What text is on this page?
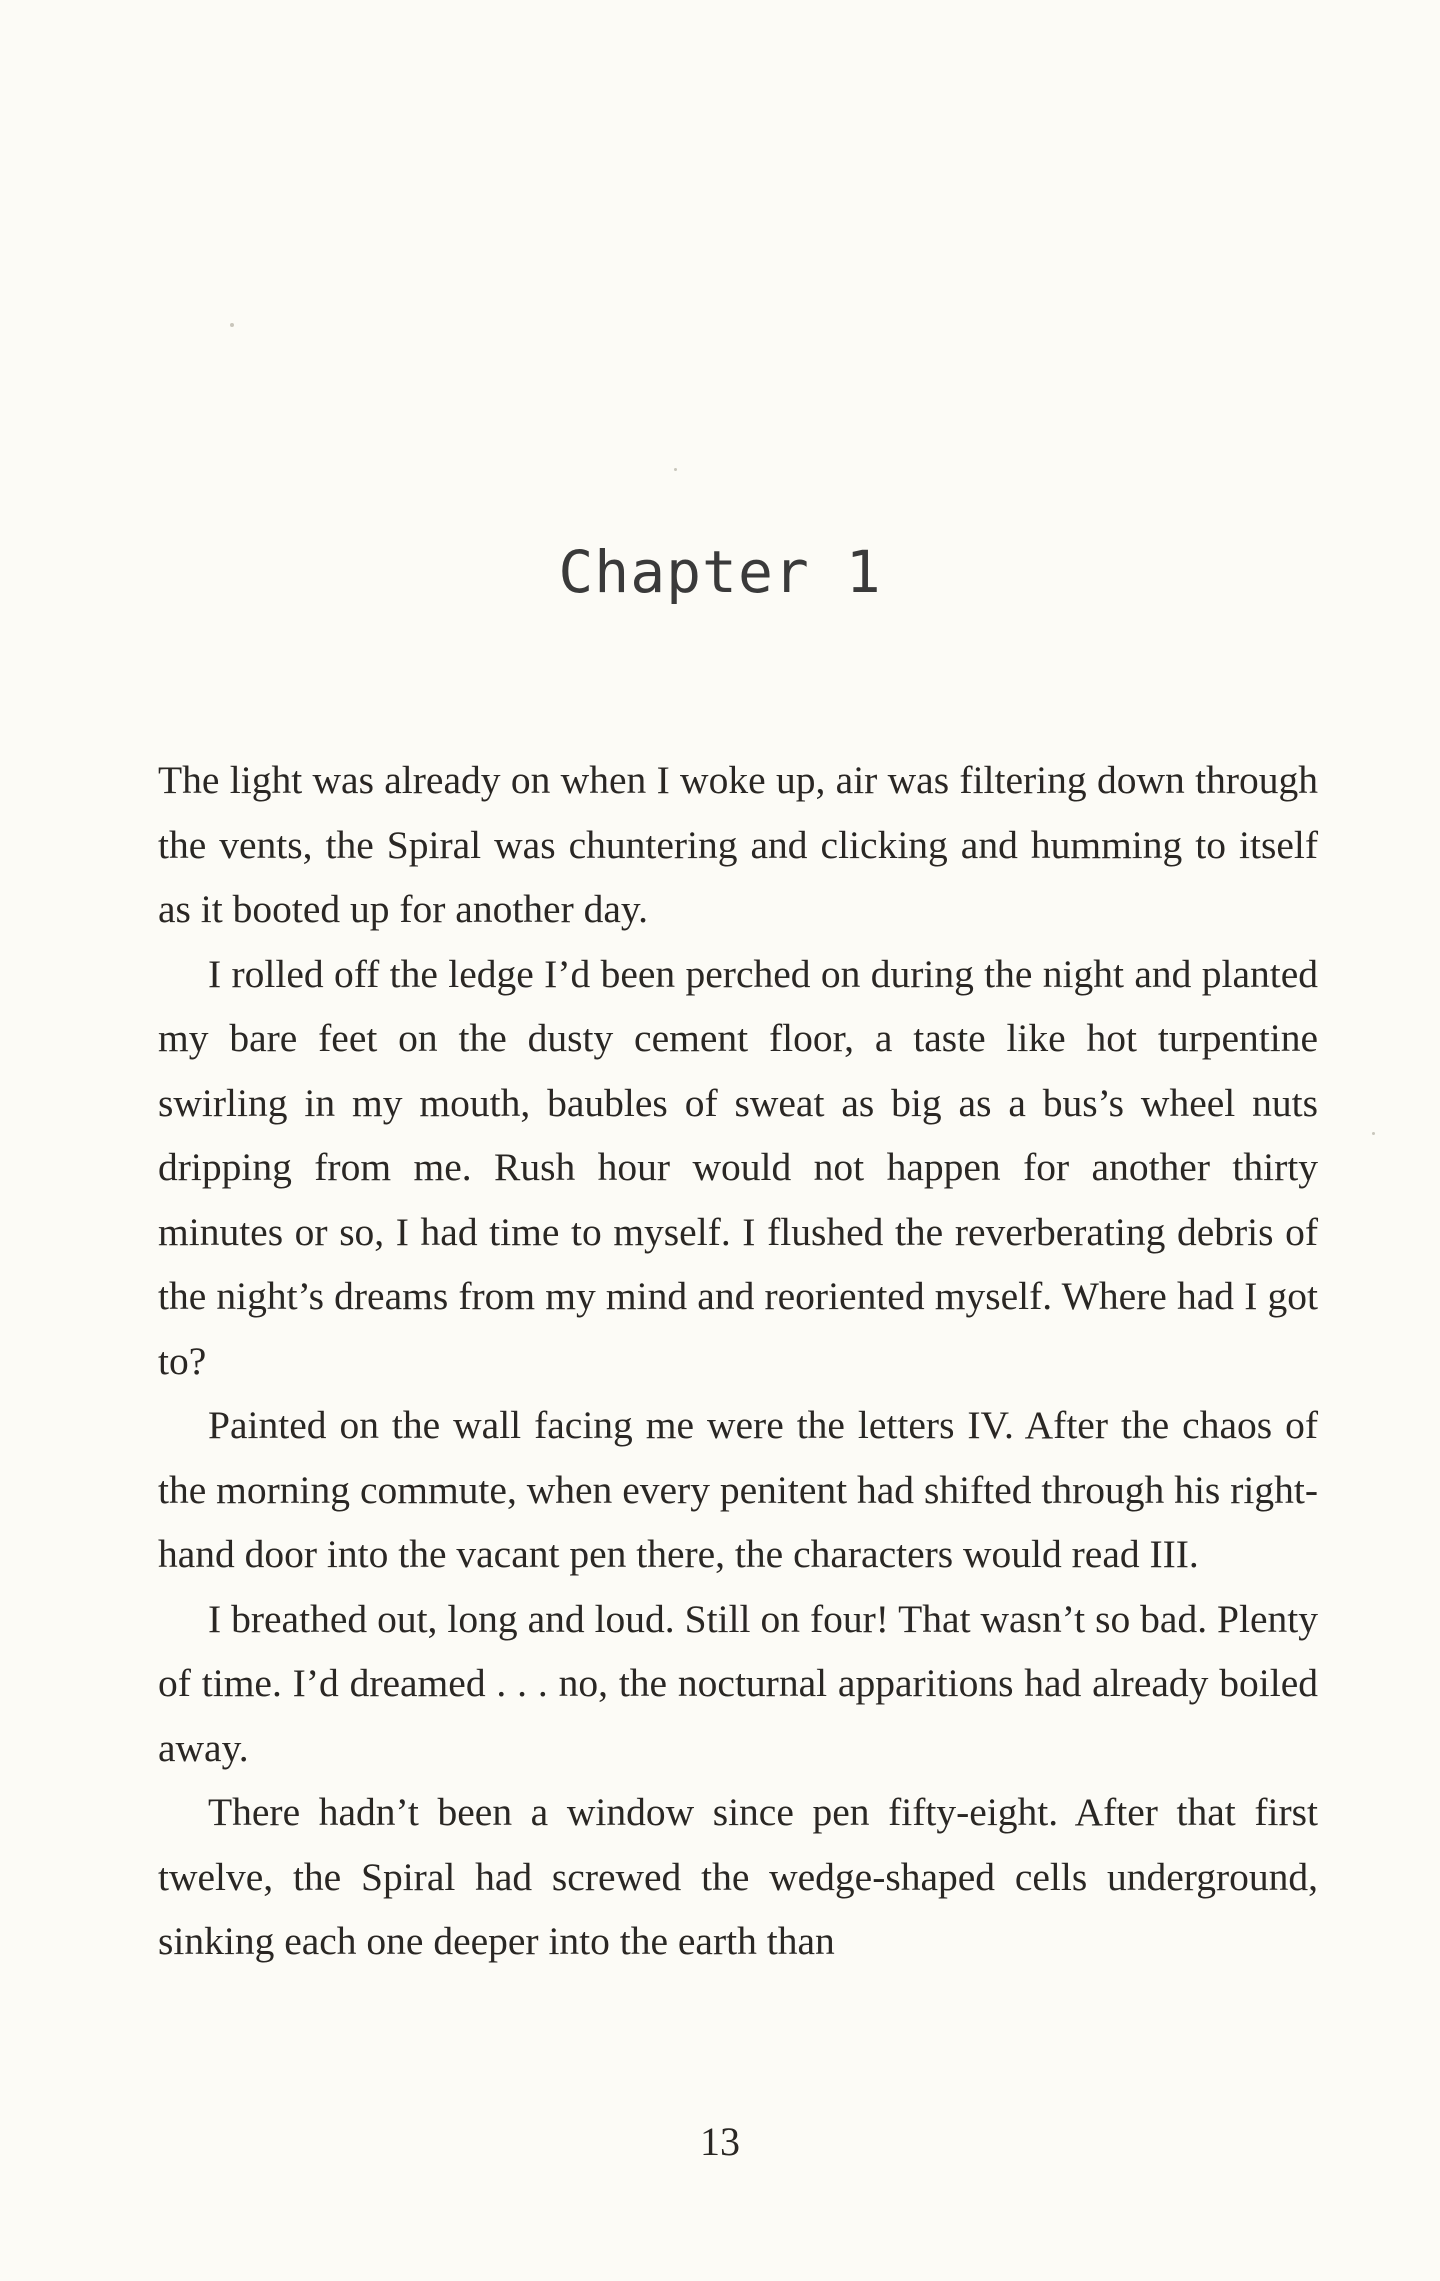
Chapter 1

The light was already on when I woke up, air was filtering down through the vents, the Spiral was chuntering and clicking and humming to itself as it booted up for another day.

I rolled off the ledge I’d been perched on during the night and planted my bare feet on the dusty cement floor, a taste like hot turpentine swirling in my mouth, baubles of sweat as big as a bus’s wheel nuts dripping from me. Rush hour would not happen for another thirty minutes or so, I had time to myself. I flushed the reverberating debris of the night’s dreams from my mind and reoriented myself. Where had I got to?

Painted on the wall facing me were the letters IV. After the chaos of the morning commute, when every penitent had shifted through his right-hand door into the vacant pen there, the characters would read III.

I breathed out, long and loud. Still on four! That wasn’t so bad. Plenty of time. I’d dreamed . . . no, the nocturnal apparitions had already boiled away.

There hadn’t been a window since pen fifty-eight. After that first twelve, the Spiral had screwed the wedge-shaped cells underground, sinking each one deeper into the earth than

13
